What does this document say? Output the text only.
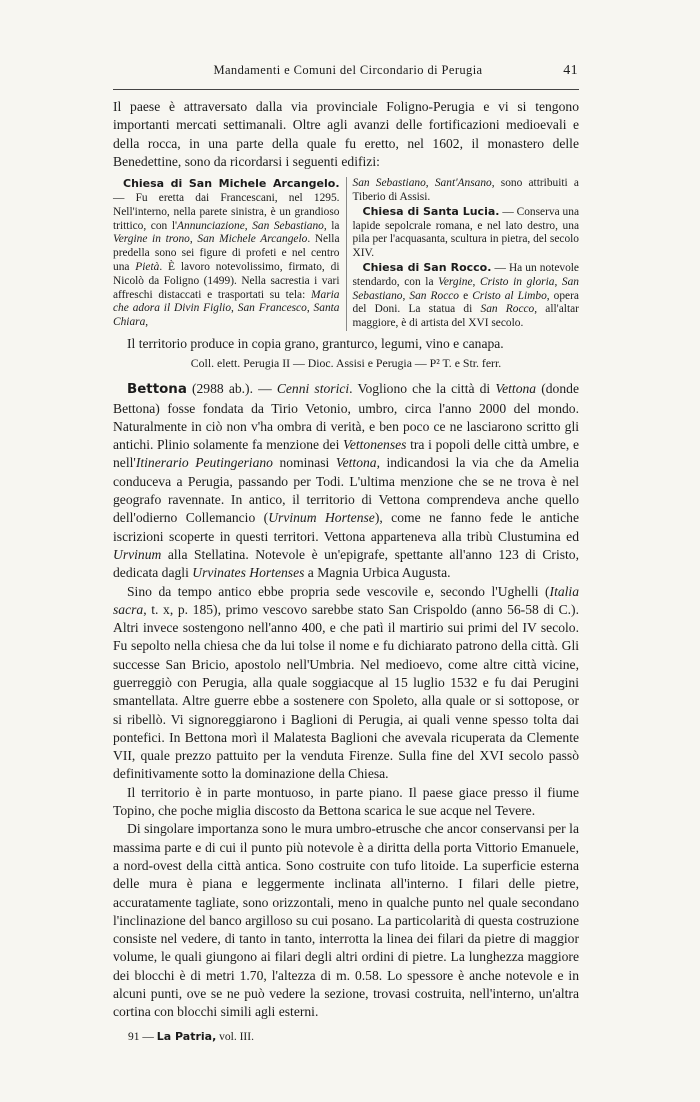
Mandamenti e Comuni del Circondario di Perugia	41

Il paese è attraversato dalla via provinciale Foligno-Perugia e vi si tengono importanti mercati settimanali. Oltre agli avanzi delle fortificazioni medioevali e della rocca, in una parte della quale fu eretto, nel 1602, il monastero delle Benedettine, sono da ricordarsi i seguenti edifizi:

Chiesa di San Michele Arcangelo. — Fu eretta dai Francescani, nel 1295. Nell'interno, nella parete sinistra, è un grandioso trittico, con l'Annunciazione, San Sebastiano, la Vergine in trono, San Michele Arcangelo. Nella predella sono sei figure di profeti e nel centro una Pietà. È lavoro notevolissimo, firmato, di Nicolò da Foligno (1499). Nella sacrestia i vari affreschi distaccati e trasportati su tela: Maria che adora il Divin Figlio, San Francesco, Santa Chiara,

San Sebastiano, Sant'Ansano, sono attribuiti a Tiberio di Assisi.

Chiesa di Santa Lucia. — Conserva una lapide sepolcrale romana, e nel lato destro, una pila per l'acquasanta, scultura in pietra, del secolo XIV.

Chiesa di San Rocco. — Ha un notevole stendardo, con la Vergine, Cristo in gloria, San Sebastiano, San Rocco e Cristo al Limbo, opera del Doni. La statua di San Rocco, all'altar maggiore, è di artista del XVI secolo.

Il territorio produce in copia grano, granturco, legumi, vino e canapa.

Coll. elett. Perugia II — Dioc. Assisi e Perugia — P² T. e Str. ferr.

Bettona (2988 ab.). — Cenni storici. Vogliono che la città di Vettona (donde Bettona) fosse fondata da Tirio Vetonio, umbro, circa l'anno 2000 del mondo. Naturalmente in ciò non v'ha ombra di verità, e ben poco ce ne lasciarono scritto gli antichi. Plinio solamente fa menzione dei Vettonenses tra i popoli delle città umbre, e nell'Itinerario Peutingeriano nominasi Vettona, indicandosi la via che da Amelia conduceva a Perugia, passando per Todi. L'ultima menzione che se ne trova è nel geografo ravennate. In antico, il territorio di Vettona comprendeva anche quello dell'odierno Collemancio (Urvinum Hortense), come ne fanno fede le antiche iscrizioni scoperte in questi territori. Vettona apparteneva alla tribù Clustumina ed Urvinum alla Stellatina. Notevole è un'epigrafe, spettante all'anno 123 di Cristo, dedicata dagli Urvinates Hortenses a Magnia Urbica Augusta.

Sino da tempo antico ebbe propria sede vescovile e, secondo l'Ughelli (Italia sacra, t. x, p. 185), primo vescovo sarebbe stato San Crispoldo (anno 56-58 di C.). Altri invece sostengono nell'anno 400, e che patì il martirio sui primi del IV secolo. Fu sepolto nella chiesa che da lui tolse il nome e fu dichiarato patrono della città. Gli successe San Bricio, apostolo nell'Umbria. Nel medioevo, come altre città vicine, guerreggiò con Perugia, alla quale soggiacque al 15 luglio 1532 e fu dai Perugini smantellata. Altre guerre ebbe a sostenere con Spoleto, alla quale or si sottopose, or si ribellò. Vi signoreggiarono i Baglioni di Perugia, ai quali venne spesso tolta dai pontefici. In Bettona morì il Malatesta Baglioni che avevala ricuperata da Clemente VII, quale prezzo pattuito per la venduta Firenze. Sulla fine del XVI secolo passò definitivamente sotto la dominazione della Chiesa.

Il territorio è in parte montuoso, in parte piano. Il paese giace presso il fiume Topino, che poche miglia discosto da Bettona scarica le sue acque nel Tevere.

Di singolare importanza sono le mura umbro-etrusche che ancor conservansi per la massima parte e di cui il punto più notevole è a diritta della porta Vittorio Emanuele, a nord-ovest della città antica. Sono costruite con tufo litoide. La superficie esterna delle mura è piana e leggermente inclinata all'interno. I filari delle pietre, accuratamente tagliate, sono orizzontali, meno in qualche punto nel quale secondano l'inclinazione del banco argilloso su cui posano. La particolarità di questa costruzione consiste nel vedere, di tanto in tanto, interrotta la linea dei filari da pietre di maggior volume, le quali giungono ai filari degli altri ordini di pietre. La lunghezza maggiore dei blocchi è di metri 1.70, l'altezza di m. 0.58. Lo spessore è anche notevole e in alcuni punti, ove se ne può vedere la sezione, trovasi costruita, nell'interno, un'altra cortina con blocchi simili agli esterni.

91 — La Patria, vol. III.
